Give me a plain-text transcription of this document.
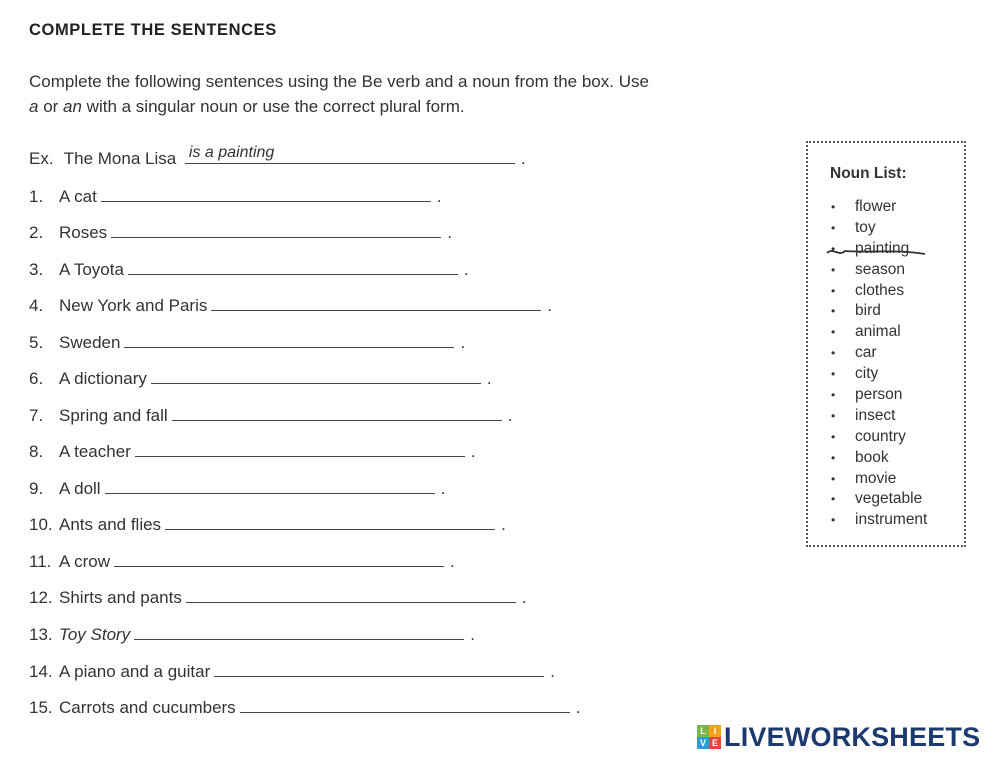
COMPLETE THE SENTENCES
Complete the following sentences using the Be verb and a noun from the box. Use a or an with a singular noun or use the correct plural form.
Ex. The Mona Lisa is a painting	.
1. A cat	.
2. Roses	.
3. A Toyota	.
4. New York and Paris	.
5. Sweden	.
6. A dictionary	.
7. Spring and fall	.
8. A teacher	.
9. A doll	.
10. Ants and flies	.
11. A crow	.
12. Shirts and pants	.
13. Toy Story	.
14. A piano and a guitar	.
15. Carrots and cucumbers	.
Noun List:
• flower
• toy
• painting
• season
• clothes
• bird
• animal
• car
• city
• person
• insect
• country
• book
• movie
• vegetable
• instrument
L I
V E LIVEWORKSHEETS
